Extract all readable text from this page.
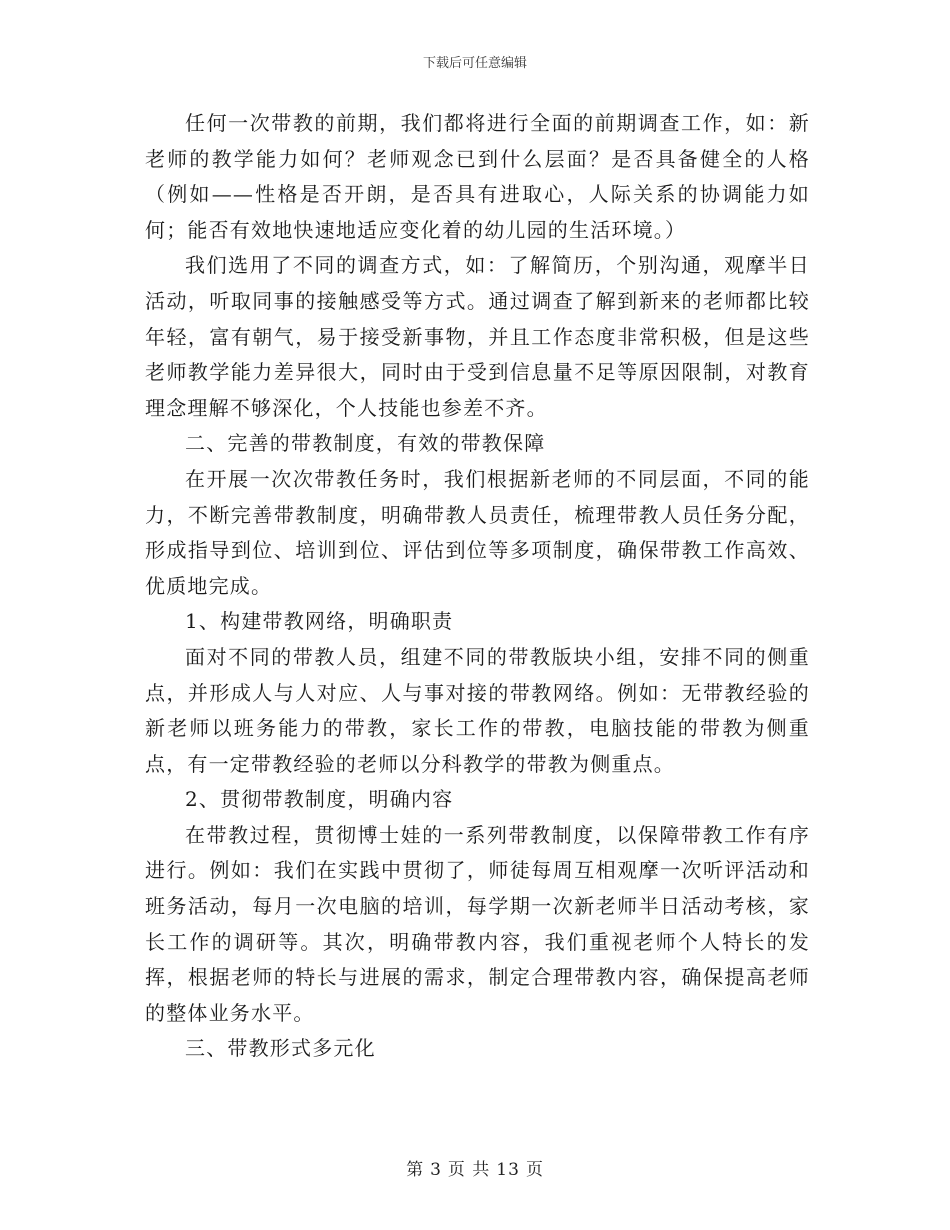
下载后可任意编辑

任何一次带教的前期，我们都将进行全面的前期调查工作，如：新老师的教学能力如何？老师观念已到什么层面？是否具备健全的人格（例如——性格是否开朗，是否具有进取心，人际关系的协调能力如何；能否有效地快速地适应变化着的幼儿园的生活环境。）

我们选用了不同的调查方式，如：了解简历，个别沟通，观摩半日活动，听取同事的接触感受等方式。通过调查了解到新来的老师都比较年轻，富有朝气，易于接受新事物，并且工作态度非常积极，但是这些老师教学能力差异很大，同时由于受到信息量不足等原因限制，对教育理念理解不够深化，个人技能也参差不齐。

二、完善的带教制度，有效的带教保障

在开展一次次带教任务时，我们根据新老师的不同层面，不同的能力，不断完善带教制度，明确带教人员责任，梳理带教人员任务分配，形成指导到位、培训到位、评估到位等多项制度，确保带教工作高效、优质地完成。

1、构建带教网络，明确职责

面对不同的带教人员，组建不同的带教版块小组，安排不同的侧重点，并形成人与人对应、人与事对接的带教网络。例如：无带教经验的新老师以班务能力的带教，家长工作的带教，电脑技能的带教为侧重点，有一定带教经验的老师以分科教学的带教为侧重点。

2、贯彻带教制度，明确内容

在带教过程，贯彻博士娃的一系列带教制度，以保障带教工作有序进行。例如：我们在实践中贯彻了，师徒每周互相观摩一次听评活动和班务活动，每月一次电脑的培训，每学期一次新老师半日活动考核，家长工作的调研等。其次，明确带教内容，我们重视老师个人特长的发挥，根据老师的特长与进展的需求，制定合理带教内容，确保提高老师的整体业务水平。

三、带教形式多元化

第 3 页 共 13 页
